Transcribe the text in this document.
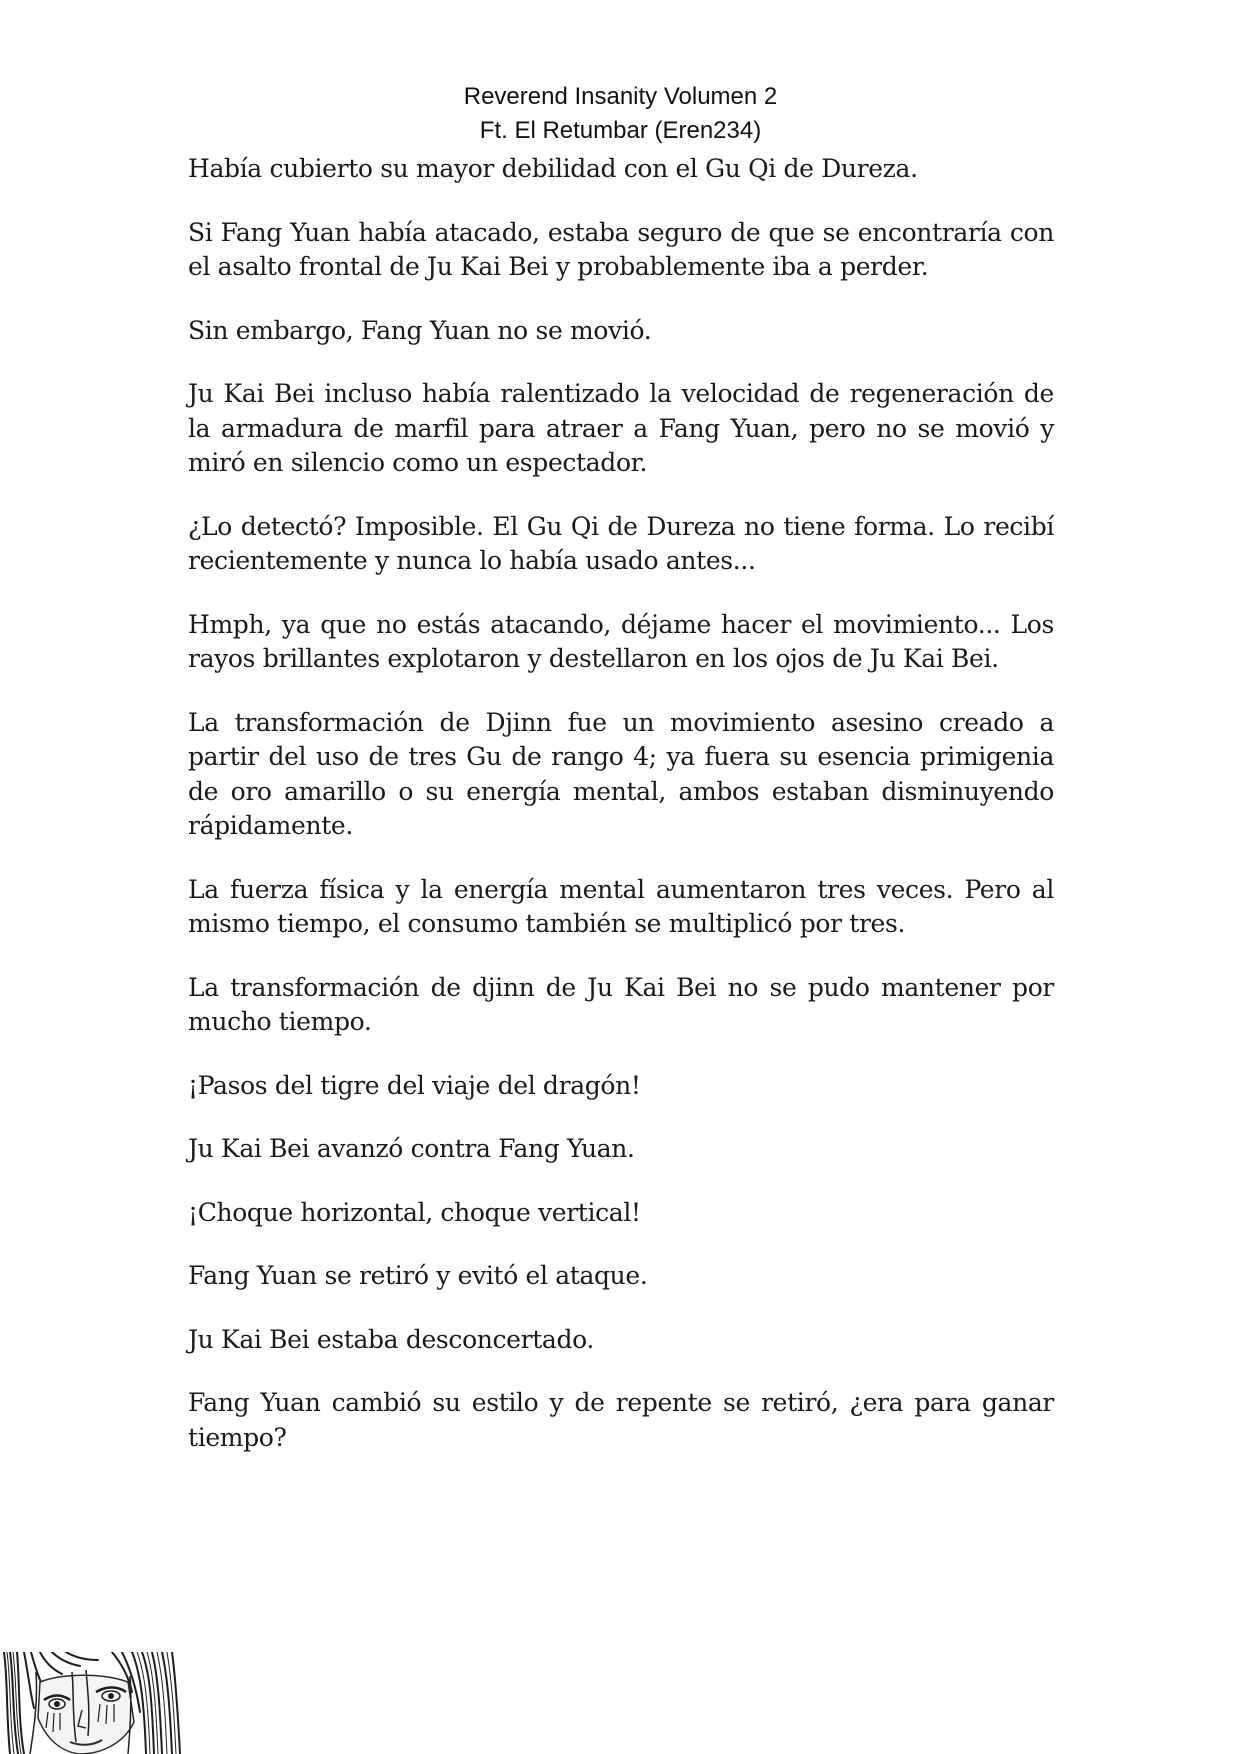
Reverend Insanity Volumen 2
Ft. El Retumbar (Eren234)

Había cubierto su mayor debilidad con el Gu Qi de Dureza.

Si Fang Yuan había atacado, estaba seguro de que se encontraría con el asalto frontal de Ju Kai Bei y probablemente iba a perder.

Sin embargo, Fang Yuan no se movió.

Ju Kai Bei incluso había ralentizado la velocidad de regeneración de la armadura de marfil para atraer a Fang Yuan, pero no se movió y miró en silencio como un espectador.

¿Lo detectó? Imposible. El Gu Qi de Dureza no tiene forma. Lo recibí recientemente y nunca lo había usado antes...

Hmph, ya que no estás atacando, déjame hacer el movimiento... Los rayos brillantes explotaron y destellaron en los ojos de Ju Kai Bei.

La transformación de Djinn fue un movimiento asesino creado a partir del uso de tres Gu de rango 4; ya fuera su esencia primigenia de oro amarillo o su energía mental, ambos estaban disminuyendo rápidamente.

La fuerza física y la energía mental aumentaron tres veces. Pero al mismo tiempo, el consumo también se multiplicó por tres.

La transformación de djinn de Ju Kai Bei no se pudo mantener por mucho tiempo.

¡Pasos del tigre del viaje del dragón!

Ju Kai Bei avanzó contra Fang Yuan.

¡Choque horizontal, choque vertical!

Fang Yuan se retiró y evitó el ataque.

Ju Kai Bei estaba desconcertado.

Fang Yuan cambió su estilo y de repente se retiró, ¿era para ganar tiempo?
